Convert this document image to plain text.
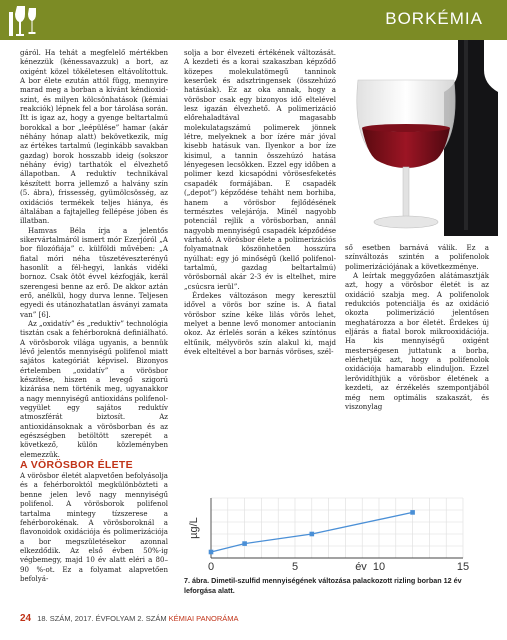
BORKÉMIA

gáról. Ha tehát a megfelelő mértékben kénezzük (kénessavazzuk) a bort, az oxigént közel tökéletesen eltávolítottuk. A bor élete ezután attól függ, mennyire marad meg a borban a kívánt kéndioxid-szint, és milyen kölcsönhatások (kémiai reakciók) lépnek fel a bor tárolása során. Itt is igaz az, hogy a gyenge beltartalmú borokkal a bor „leépülése” hamar (akár néhány hónap alatt) bekövetkezik, míg az értékes tartalmú (leginkább savakban gazdag) borok hosszabb ideig (sokszor néhány évig) tarthatók el élvezhető állapotban. A reduktív technikával készített borra jellemző a halvány szín (5. ábra), frissesség, gyümölcsösség, az oxidációs termékek teljes hiánya, és általában a fajtajelleg fellépése jóben és illatban.

Hamvas Béla írja a jelentős sikervártalmáról ismert mór Ezerjóról „A bor filozófiája” c. külföldi művében: „A fiatal móri néha tüszetéveszterényű hasonlít a fél-hegyi, lankás vidéki bornoz. Csak ötöt évvel kézfogják, kerál szerengesi benne az erő. De akkor aztán erő, anélkül, hogy durva lenne. Teljesen egyedi és utánozhatatlan ásványi zamata van” [6].

Az „oxidatív” és „reduktív” technológia tisztán csak a fehérborokná definiálható. A vörösborok világa ugyanis, a bennük lévő jelentős mennyiségű polifenol miatt sajátos kategóriát képvisel. Bizonyos értelemben „oxidatív” a vörösbor készítése, hiszen a levegő szigorú kizárása nem történik meg, ugyanakkor a nagy mennyiségű antioxidáns polifenol-vegyület egy sajátos reduktív atmoszférát biztosít. Az antioxidánsoknak a vörösborban és az egészségben betöltött szerepét a következő, külön közleményben elemezzük.

A VÖRÖSBOR ÉLETE

A vörösbor életét alapvetően befolyásolja és a fehérboroktól megkülönbözteti a benne jelen levő nagy mennyiségű polifenol. A vörösborok polifenol tartalma mintegy tízszerese a fehérborokénak. A vörösboroknál a flavonoidok oxidációja és polimerizációja a bor megszületésekor azonnal elkezdődik. Az első évben 50%-ig végbemegy, majd 10 év alatt eléri a 80–90 %-ot. Ez a folyamat alapvetően befolyá-

solja a bor élvezeti értékének változását. A kezdeti és a korai szakaszban képződő közepes molekulatömegű tanninok keserűek és adsztringensek (összehúzó hatásúak). Ez az oka annak, hogy a vörösbor csak egy bizonyos idő eltelével lesz igazán élvezhető. A polimerizáció előrehaladtával magasabb molekulatagszámú polimerek jönnek létre, melyeknek a bor ízére már jóval kisebb hatásuk van. Ilyenkor a bor íze kisimul, a tannin összehúzó hatása lényegesen lecsökken. Ezzel egy időben a polimer kezd kicsapódni vörösesfeketés csapadék formájában. E csapadék („depot”) képződése teháht nem borhiba, hanem a vörösbor fejlődésének természtes velejárója. Minél nagyobb potenciál rejlik a vörösborban, annál nagyobb mennyiségű csapadék képződése várható. A vörösbor élete a polimerizációs folyamatnak köszönhetően hosszúra nyúlhat: egy jó minőségű (kellő polifenol-tartalmú, gazdag beltartalmú) vörösbornál akár 2-3 év is eltelhet, mire „csúcsra ierül”.

Érdekes változáson megy keresztül idővel a vörös bor színe is. A fiatal vörösbor színe kéke lilás vörös lehet, melyet a benne levő monomer antocianin okoz. Az érlelés során a kékes színtónus eltűnik, mélyvörös szín alakul ki, majd évek elteltével a bor barnás vöröses, szél-

ső esetben barnává válik. Ez a színváltozás szintén a polifenolok polimerizációjának a következménye.

A leírtak meggyőzően alátámasztják azt, hogy a vörösbor életét is az oxidáció szabja meg. A polifenolok redukciós potenciálja és az oxidáció okozta polimerizáció jelentősen meghatározza a bor életét. Érdekes új eljárás a fiatal borok mikrooxidációja. Ha kis mennyiségű oxigént mesterségesen juttatunk a borba, elérhetjük azt, hogy a polifenolok oxidációja hamarabb elinduljon. Ezzel lerövidíthjük a vörösbor életének a kezdeti, az érzékelés szempontjából még nem optimális szakaszát, és viszonylag

0	5	10	15
µg/L
év
7. ábra. Dimetil-szulfid mennyiségének változása palackozott rizling borban 12 év leforgása alatt.
24 18. SZÁM, 2017. ÉVFOLYAM 2. SZÁM KÉMIAI PANORÁMA
